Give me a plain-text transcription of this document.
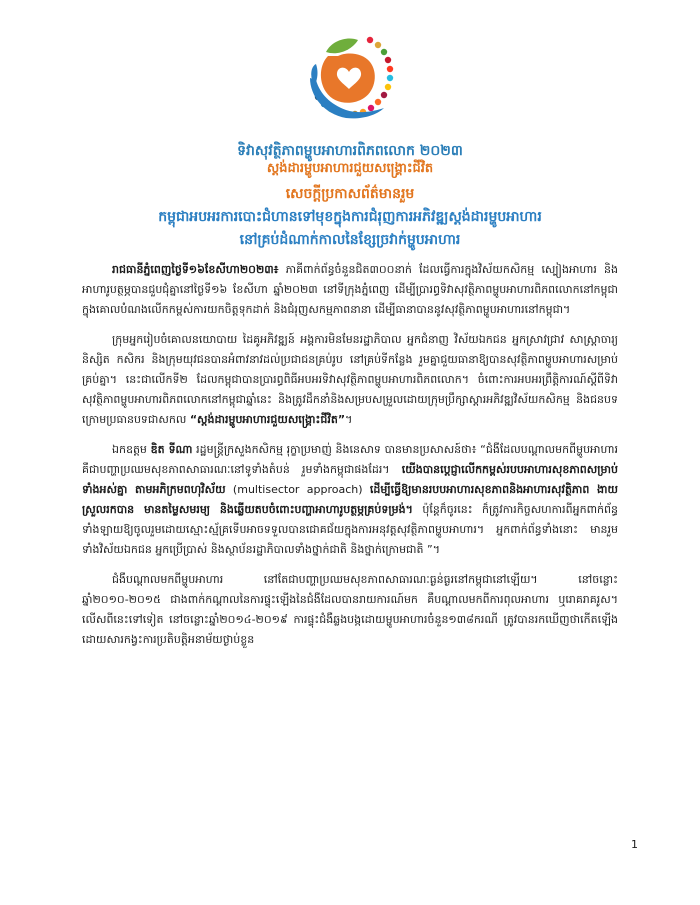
ទិវាសុវត្ថិភាពម្ហូបអាហារពិភពលោក ២០២៣
ស្តង់ដារម្ហូបអាហារជួយសង្គ្រោះជីវិត
សេចក្តីប្រកាសព័ត៌មានរួម
កម្ពុជាអបអរការបោះជំហានទៅមុខក្នុងការជំរុញការអភិវឌ្ឍស្តង់ដារម្ហូបអាហារ
នៅគ្រប់ដំណាក់កាលនៃខ្សែច្រវាក់ម្ហូបអាហារ

រាជធានីភ្នំពេញថ្ងៃទី១៦ខែសីហា២០២៣៖ ភាគីពាក់ព័ន្ធចំនួនជិត៣០០នាក់ ដែលធ្វើការក្នុងវិស័យកសិកម្ម ស្បៀងអាហារ និងអាហារូបត្ថម្ភបានជួបជុំគ្នានៅថ្ងៃទី១៦ ខែសីហា ឆ្នាំ២០២៣ នៅទីក្រុងភ្នំពេញ ដើម្បីប្រារព្ធទិវាសុវត្ថិភាពម្ហូបអាហារពិភពលោកនៅកម្ពុជា ក្នុងគោលបំណងលើកកម្ពស់ការយកចិត្តទុកដាក់ និងជំរុញសកម្មភាពនានា ដើម្បីធានាបាននូវសុវត្ថិភាពម្ហូបអាហារនៅកម្ពុជា។

ក្រុមអ្នករៀបចំគោលនយោបាយ ដៃគូអភិវឌ្ឍន៍ អង្គការមិនមែនរដ្ឋាភិបាល អ្នកជំនាញ វិស័យឯកជន អ្នកស្រាវជ្រាវ សាស្ត្រាចារ្យ និស្សិត កសិករ និងក្រុមយុវជនបានអំពាវនាវដល់ប្រជាជនគ្រប់រូប នៅគ្រប់ទីកន្លែង រួមគ្នាជួយធានាឱ្យបានសុវត្ថិភាពម្ហូបអាហារសម្រាប់គ្រប់គ្នា។ នេះជាលើកទី២ ដែលកម្ពុជាបានប្រារព្ធពិធីអបអរទិវាសុវត្ថិភាពម្ហូបអាហារពិភពលោក។ ចំពោះការអបអរព្រឹត្តិការណ៍ស្តីពីទិវាសុវត្ថិភាពម្ហូបអាហារពិភពលោកនៅកម្ពុជាឆ្នាំនេះ និងត្រូវដឹកនាំនិងសម្របសម្រួលដោយក្រុមប្រឹក្សាស្តារអភិវឌ្ឍវិស័យកសិកម្ម និងជនបទ ក្រោមប្រធានបទជាសកល “ស្តង់ដារម្ហូបអាហារជួយសង្គ្រោះជីវិត”។

ឯកឧត្តម ឌិត ទីណា រដ្ឋមន្ត្រីក្រសួងកសិកម្ម រុក្ខាប្រមាញ់ និងនេសាទ បានមានប្រសាសន៍ថា៖ “ជំងឺដែលបណ្ដាលមកពីម្ហូបអាហារ គឺជាបញ្ហាប្រឈមសុខភាពសាធារណៈនៅទូទាំងតំបន់ រួមទាំងកម្ពុជាផងដែរ។ យើងបានប្តេជ្ញាលើកកម្ពស់របបអាហារសុខភាពសម្រាប់ទាំងអស់គ្នា តាមអភិក្រមពហុវិស័យ (multisector approach) ដើម្បីធ្វើឱ្យមានរបបអាហារសុខភាពនិងអាហារសុវត្ថិភាព ងាយស្រួលរកបាន មានតម្លៃសមរម្យ និងឆ្លើយតបចំពោះបញ្ហាអាហារូបត្ថម្ភគ្រប់ទម្រង់។ ប៉ុន្តែក៏ចូរនេះ ក៏ត្រូវការកិច្ចសហការពីអ្នកពាក់ព័ន្ធទាំងឡាយឱ្យចូលរួមដោយស្មោះស្ម័គ្រទើបអាចទទួលបានជោគជ័យក្នុងការអនុវត្តសុវត្ថិភាពម្ហូបអាហារ។ អ្នកពាក់ព័ន្ធទាំងនោះ មានរួមទាំងវិស័យឯកជន អ្នកប្រើប្រាស់ និងស្ថាប័នរដ្ឋាភិបាលទាំងថ្នាក់ជាតិ និងថ្នាក់ក្រោមជាតិ ”។

ជំងឺបណ្ដាលមកពីម្ហូបអាហារ នៅតែជាបញ្ហាប្រឈមសុខភាពសាធារណៈធ្ងន់ធ្ងរនៅកម្ពុជានៅឡើយ។ នៅចន្លោះឆ្នាំ២០១០-២០១៥ ជាងពាក់កណ្តាលនៃការផ្ទុះឡើងនៃជំងឺដែលបានរាយការណ៍មក គឺបណ្ដាលមកពីការពុលអាហារ ឬរោគរាគរូស។ លើសពីនេះទៅទៀត នៅចន្លោះឆ្នាំ២០១៤-២០១៩ ការផ្ទុះជំងឺឆ្លងបង្កដោយម្ហូបអាហារចំនួន១៣៨ករណី ត្រូវបានរកឃើញថាកើតឡើងដោយសារកង្វះការប្រតិបត្តិអនាម័យថ្ងាប់ខ្លួន

1
